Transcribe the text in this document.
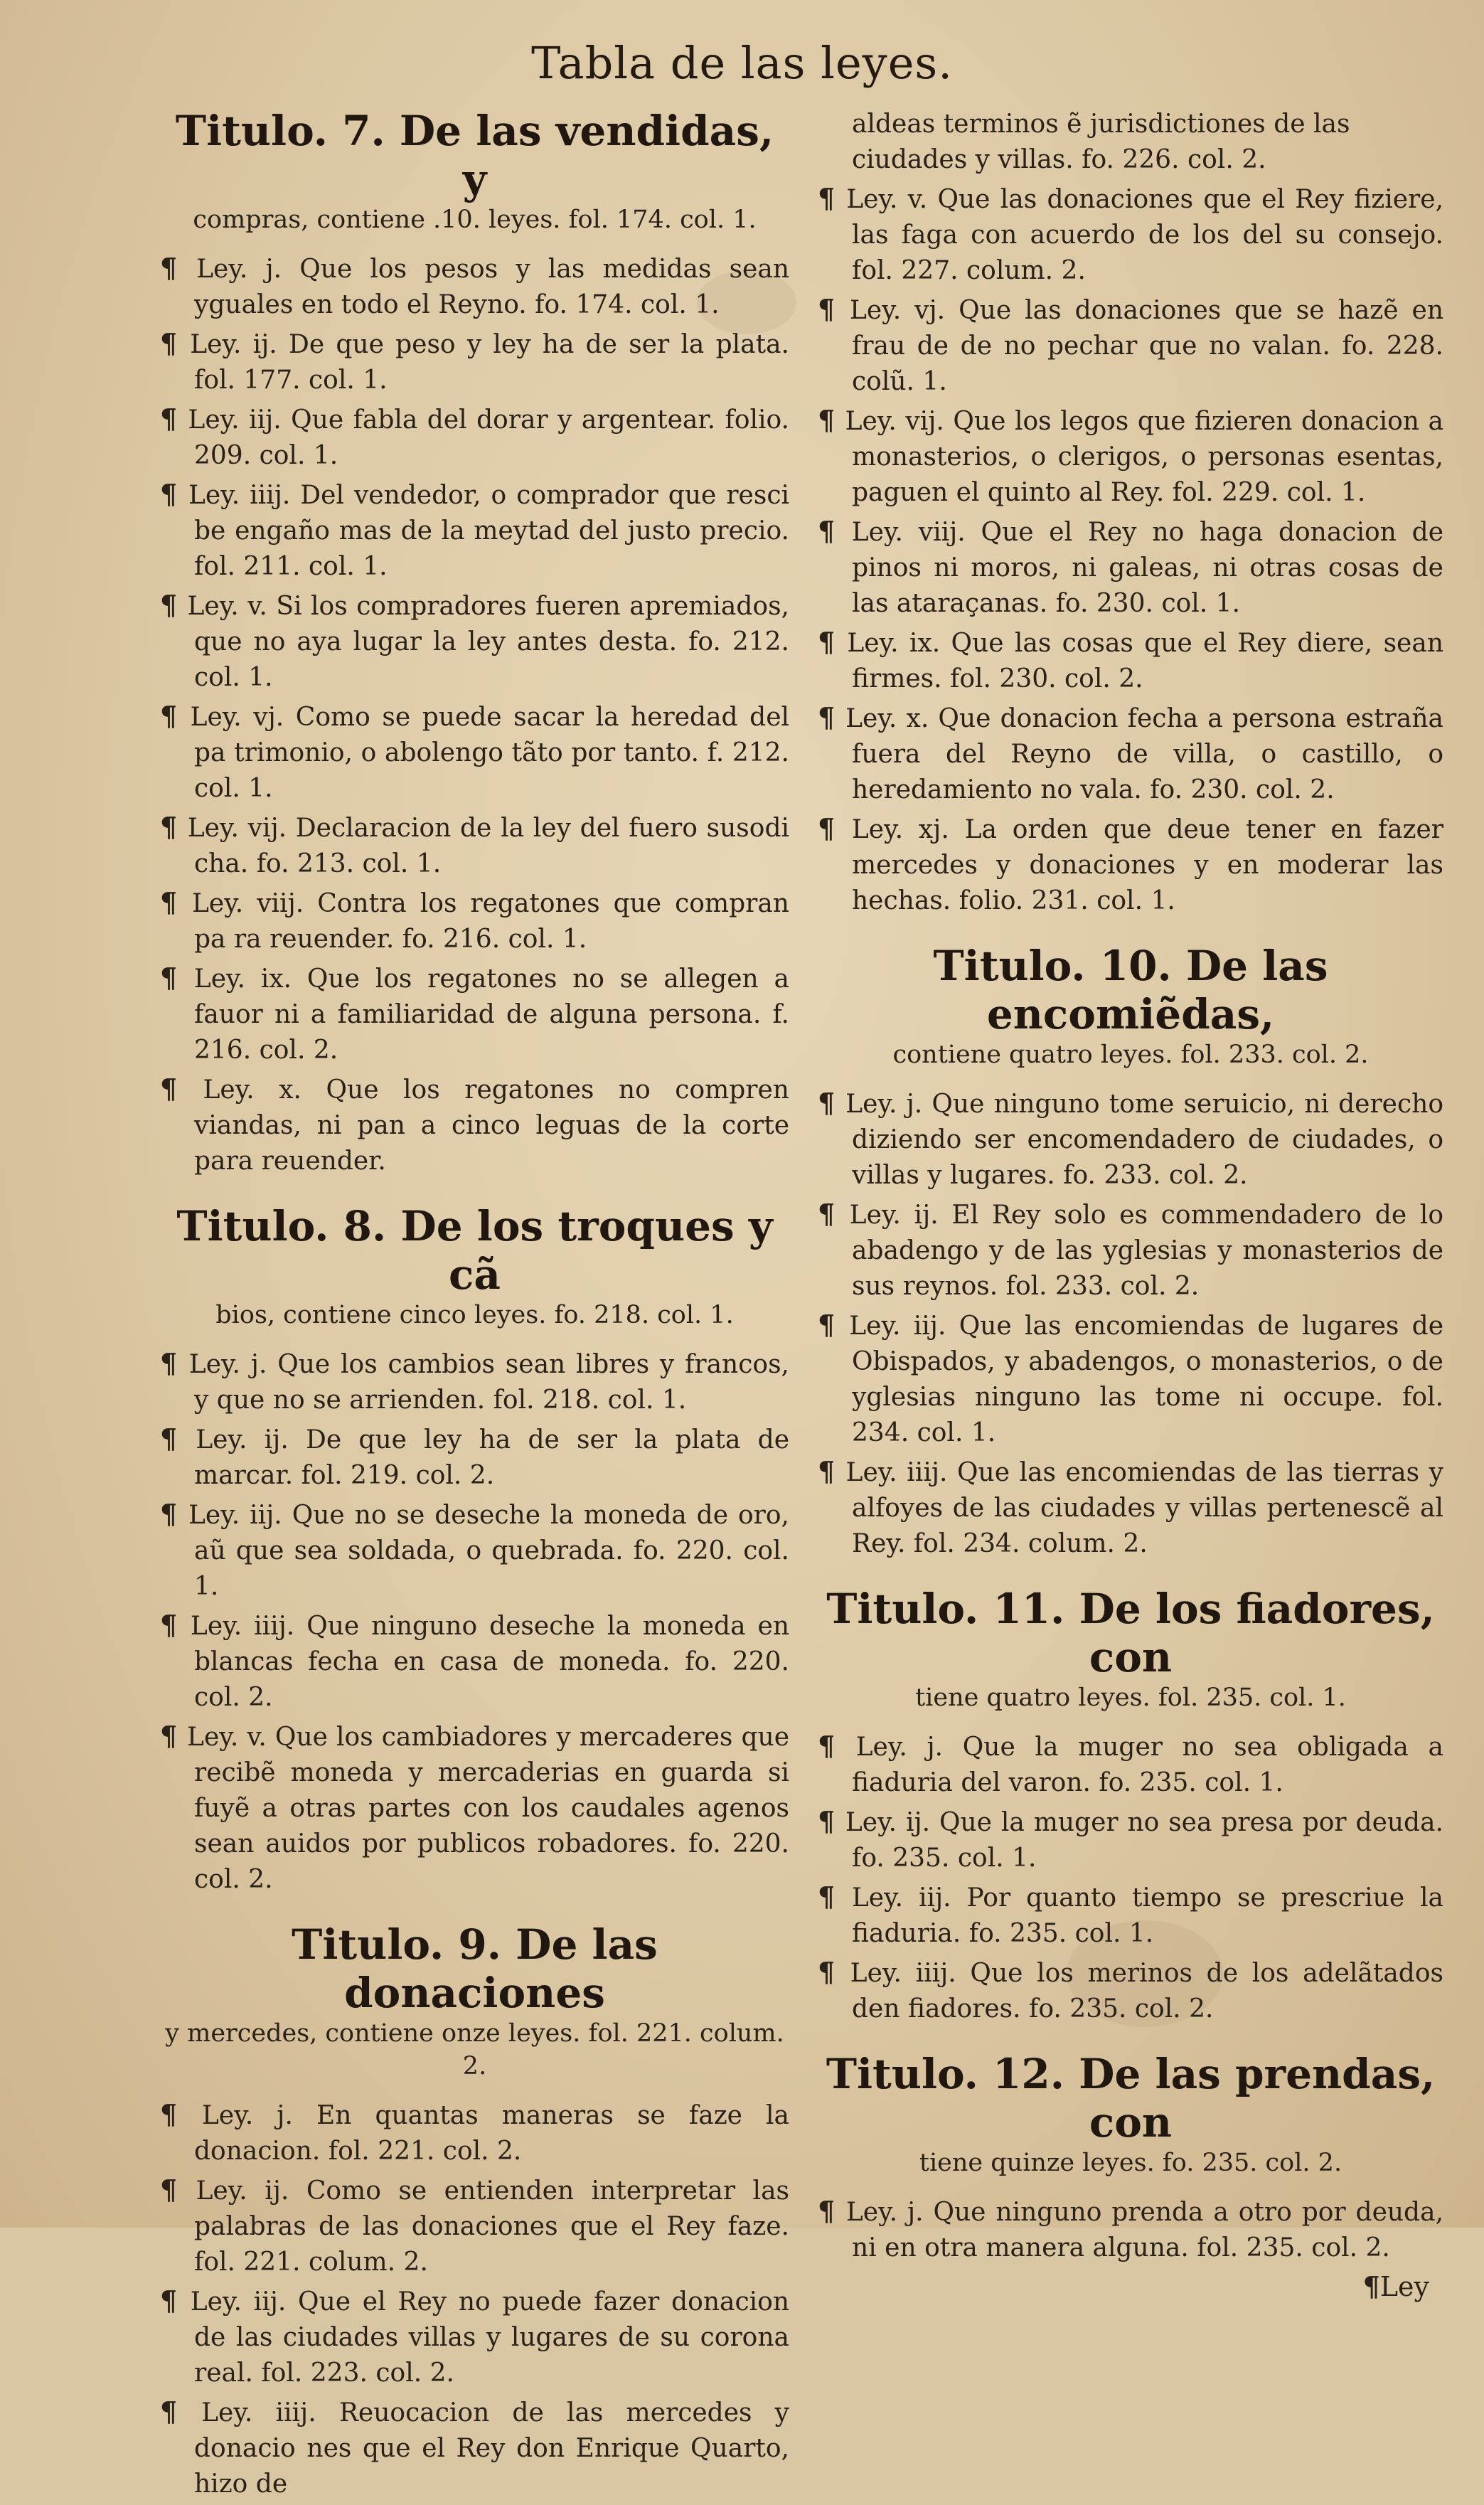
Tabla de las leyes.
Titulo. 7. De las vendidas, y

compras, contiene .10. leyes. fol. 174. col. 1.

¶ Ley. j. Que los pesos y las medidas sean yguales en todo el Reyno. fo. 174. col. 1.

¶ Ley. ij. De que peso y ley ha de ser la plata. fol. 177. col. 1.

¶ Ley. iij. Que fabla del dorar y argentear. folio. 209. col. 1.

¶ Ley. iiij. Del vendedor, o comprador que resci be engaño mas de la meytad del justo precio. fol. 211. col. 1.

¶ Ley. v. Si los compradores fueren apremiados, que no aya lugar la ley antes desta. fo. 212. col. 1.

¶ Ley. vj. Como se puede sacar la heredad del pa trimonio, o abolengo tãto por tanto. f. 212. col. 1.

¶ Ley. vij. Declaracion de la ley del fuero susodi cha. fo. 213. col. 1.

¶ Ley. viij. Contra los regatones que compran pa ra reuender. fo. 216. col. 1.

¶ Ley. ix. Que los regatones no se allegen a fauor ni a familiaridad de alguna persona. f. 216. col. 2.

¶ Ley. x. Que los regatones no compren viandas, ni pan a cinco leguas de la corte para reuender.

Titulo. 8. De los troques y cã

bios, contiene cinco leyes. fo. 218. col. 1.

¶ Ley. j. Que los cambios sean libres y francos, y que no se arrienden. fol. 218. col. 1.

¶ Ley. ij. De que ley ha de ser la plata de marcar. fol. 219. col. 2.

¶ Ley. iij. Que no se deseche la moneda de oro, aũ que sea soldada, o quebrada. fo. 220. col. 1.

¶ Ley. iiij. Que ninguno deseche la moneda en blancas fecha en casa de moneda. fo. 220. col. 2.

¶ Ley. v. Que los cambiadores y mercaderes que recibẽ moneda y mercaderias en guarda si fuyẽ a otras partes con los caudales agenos sean auidos por publicos robadores. fo. 220. col. 2.

Titulo. 9. De las donaciones

y mercedes, contiene onze leyes. fol. 221. colum. 2.

¶ Ley. j. En quantas maneras se faze la donacion. fol. 221. col. 2.

¶ Ley. ij. Como se entienden interpretar las palabras de las donaciones que el Rey faze. fol. 221. colum. 2.

¶ Ley. iij. Que el Rey no puede fazer donacion de las ciudades villas y lugares de su corona real. fol. 223. col. 2.

¶ Ley. iiij. Reuocacion de las mercedes y donacio nes que el Rey don Enrique Quarto, hizo de

aldeas terminos ẽ jurisdictiones de las ciudades y villas. fo. 226. col. 2.

¶ Ley. v. Que las donaciones que el Rey fiziere, las faga con acuerdo de los del su consejo. fol. 227. colum. 2.

¶ Ley. vj. Que las donaciones que se hazẽ en frau de de no pechar que no valan. fo. 228. colũ. 1.

¶ Ley. vij. Que los legos que fizieren donacion a monasterios, o clerigos, o personas esentas, paguen el quinto al Rey. fol. 229. col. 1.

¶ Ley. viij. Que el Rey no haga donacion de pinos ni moros, ni galeas, ni otras cosas de las ataraçanas. fo. 230. col. 1.

¶ Ley. ix. Que las cosas que el Rey diere, sean firmes. fol. 230. col. 2.

¶ Ley. x. Que donacion fecha a persona estraña fuera del Reyno de villa, o castillo, o heredamiento no vala. fo. 230. col. 2.

¶ Ley. xj. La orden que deue tener en fazer mercedes y donaciones y en moderar las hechas. folio. 231. col. 1.

Titulo. 10. De las encomiẽdas,

contiene quatro leyes. fol. 233. col. 2.

¶ Ley. j. Que ninguno tome seruicio, ni derecho diziendo ser encomendadero de ciudades, o villas y lugares. fo. 233. col. 2.

¶ Ley. ij. El Rey solo es commendadero de lo abadengo y de las yglesias y monasterios de sus reynos. fol. 233. col. 2.

¶ Ley. iij. Que las encomiendas de lugares de Obispados, y abadengos, o monasterios, o de yglesias ninguno las tome ni occupe. fol. 234. col. 1.

¶ Ley. iiij. Que las encomiendas de las tierras y alfoyes de las ciudades y villas pertenescẽ al Rey. fol. 234. colum. 2.

Titulo. 11. De los fiadores, con

tiene quatro leyes. fol. 235. col. 1.

¶ Ley. j. Que la muger no sea obligada a fiaduria del varon. fo. 235. col. 1.

¶ Ley. ij. Que la muger no sea presa por deuda. fo. 235. col. 1.

¶ Ley. iij. Por quanto tiempo se prescriue la fiaduria. fo. 235. col. 1.

¶ Ley. iiij. Que los merinos de los adelãtados den fiadores. fo. 235. col. 2.

Titulo. 12. De las prendas, con

tiene quinze leyes. fo. 235. col. 2.

¶ Ley. j. Que ninguno prenda a otro por deuda, ni en otra manera alguna. fol. 235. col. 2.

¶Ley
